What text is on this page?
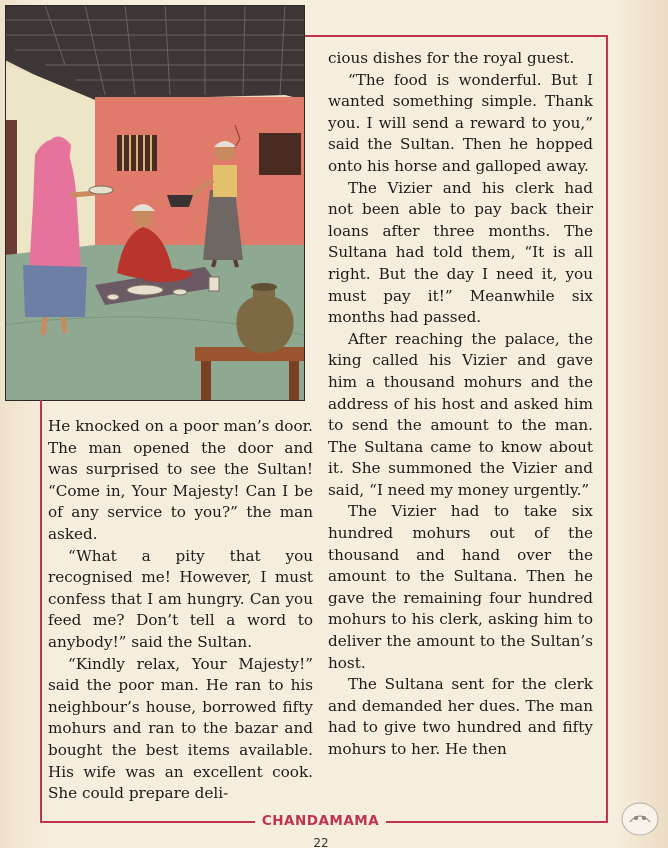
cious dishes for the royal guest.

“The food is wonderful. But I wanted something simple. Thank you. I will send a reward to you,” said the Sultan. Then he hopped onto his horse and galloped away.

The Vizier and his clerk had not been able to pay back their loans after three months. The Sultana had told them, “It is all right. But the day I need it, you must pay it!” Meanwhile six months had passed.

After reaching the palace, the king called his Vizier and gave him a thousand mohurs and the address of his host and asked him to send the amount to the man. The Sultana came to know about it. She summoned the Vizier and said, “I need my money urgently.”

The Vizier had to take six hundred mohurs out of the thousand and hand over the amount to the Sultana. Then he gave the remaining four hundred mohurs to his clerk, asking him to deliver the amount to the Sultan’s host.

The Sultana sent for the clerk and demanded her dues. The man had to give two hundred and fifty mohurs to her. He then

He knocked on a poor man’s door. The man opened the door and was surprised to see the Sultan! “Come in, Your Majesty! Can I be of any service to you?” the man asked.

“What a pity that you recognised me! However, I must confess that I am hungry. Can you feed me? Don’t tell a word to anybody!” said the Sultan.

“Kindly relax, Your Majesty!” said the poor man. He ran to his neighbour’s house, borrowed fifty mohurs and ran to the bazar and bought the best items available. His wife was an excellent cook. She could prepare deli-

CHANDAMAMA
22
